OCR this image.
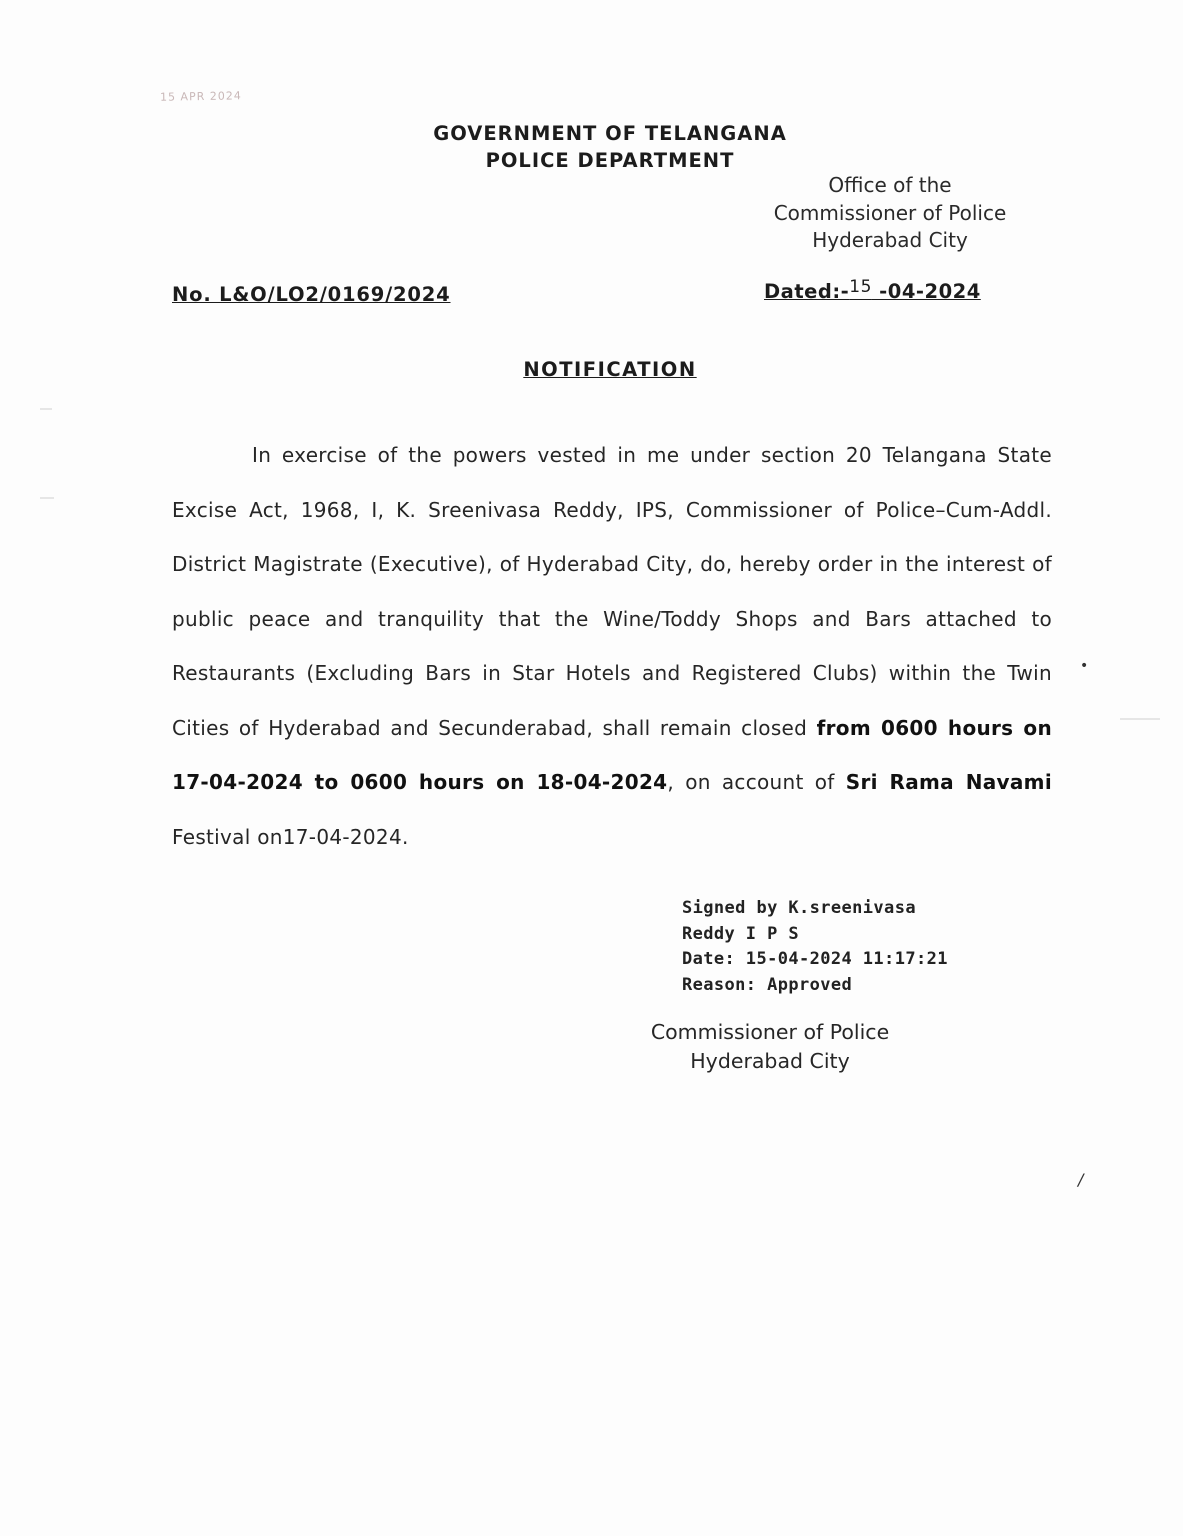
15 APR 2024
GOVERNMENT OF TELANGANA
POLICE DEPARTMENT
Office of the
Commissioner of Police
Hyderabad City
No. L&O/LO2/0169/2024	Dated:-15 -04-2024
NOTIFICATION
In exercise of the powers vested in me under section 20 Telangana State Excise Act, 1968, I, K. Sreenivasa Reddy, IPS, Commissioner of Police–Cum-Addl. District Magistrate (Executive), of Hyderabad City, do, hereby order in the interest of public peace and tranquility that the Wine/Toddy Shops and Bars attached to Restaurants (Excluding Bars in Star Hotels and Registered Clubs) within the Twin Cities of Hyderabad and Secunderabad, shall remain closed from 0600 hours on 17-04-2024 to 0600 hours on 18-04-2024, on account of Sri Rama Navami Festival on17-04-2024.
Signed by K.sreenivasa
Reddy I P S
Date: 15-04-2024 11:17:21
Reason: Approved
Commissioner of Police
Hyderabad City
•
/
